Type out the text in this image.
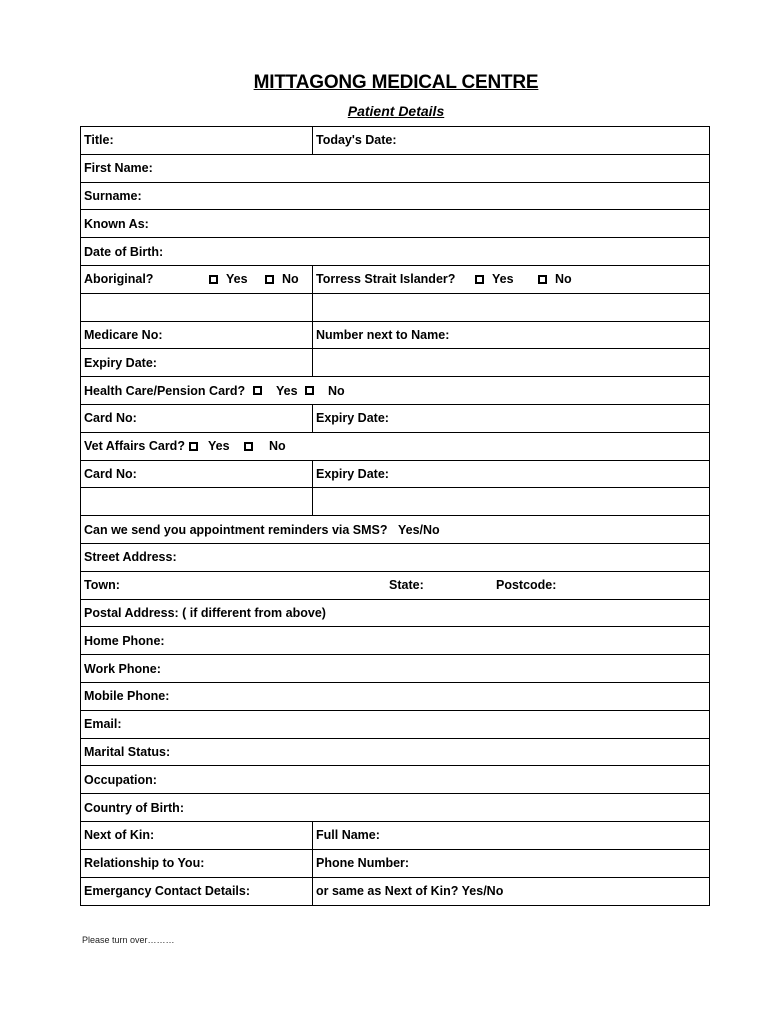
MITTAGONG MEDICAL CENTRE
Patient Details
Title:	Today's Date:
First Name:
Surname:
Known As:
Date of Birth:
Aboriginal?	Yes	No Torress Strait Islander?	Yes	No
Medicare No:	Number next to Name:
Expiry Date:
Health Care/Pension Card? Yes No
Card No:	Expiry Date:
Vet Affairs Card? Yes	No
Card No:	Expiry Date:
Can we send you appointment reminders via SMS? Yes/No
Street Address:
Town:	State:	Postcode:
Postal Address: ( if different from above)
Home Phone:
Work Phone:
Mobile Phone:
Email:
Marital Status:
Occupation:
Country of Birth:
Next of Kin:	Full Name:
Relationship to You:	Phone Number:
Emergancy Contact Details:	or same as Next of Kin? Yes/No
Please turn over………
